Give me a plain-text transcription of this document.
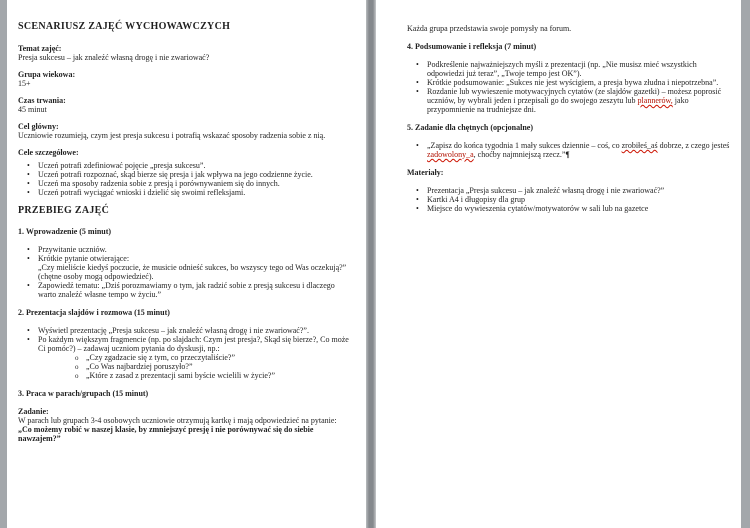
SCENARIUSZ ZAJĘĆ WYCHOWAWCZYCH
Temat zajęć:
Presja sukcesu – jak znaleźć własną drogę i nie zwariować?
Grupa wiekowa:
15+
Czas trwania:
45 minut
Cel główny:
Uczniowie rozumieją, czym jest presja sukcesu i potrafią wskazać sposoby radzenia sobie z nią.
Cele szczegółowe:
• Uczeń potrafi zdefiniować pojęcie „presja sukcesu”.
• Uczeń potrafi rozpoznać, skąd bierze się presja i jak wpływa na jego codzienne życie.
• Uczeń ma sposoby radzenia sobie z presją i porównywaniem się do innych.
• Uczeń potrafi wyciągać wnioski i dzielić się swoimi refleksjami.
PRZEBIEG ZAJĘĆ
1. Wprowadzenie (5 minut)
• Przywitanie uczniów.
• Krótkie pytanie otwierające:
„Czy mieliście kiedyś poczucie, że musicie odnieść sukces, bo wszyscy tego od Was oczekują?” (chętne osoby mogą odpowiedzieć).
• Zapowiedź tematu: „Dziś porozmawiamy o tym, jak radzić sobie z presją sukcesu i dlaczego warto znaleźć własne tempo w życiu.”
2. Prezentacja slajdów i rozmowa (15 minut)
• Wyświetl prezentację „Presja sukcesu – jak znaleźć własną drogę i nie zwariować?”.
• Po każdym większym fragmencie (np. po slajdach: Czym jest presja?, Skąd się bierze?, Co może Ci pomóc?) – zadawaj uczniom pytania do dyskusji, np.:
o „Czy zgadzacie się z tym, co przeczytaliście?”
o „Co Was najbardziej poruszyło?”
o „Które z zasad z prezentacji sami byście wcielili w życie?”
3. Praca w parach/grupach (15 minut)
Zadanie:
W parach lub grupach 3-4 osobowych uczniowie otrzymują kartkę i mają odpowiedzieć na pytanie:
„Co możemy robić w naszej klasie, by zmniejszyć presję i nie porównywać się do siebie nawzajem?”
Każda grupa przedstawia swoje pomysły na forum.
4. Podsumowanie i refleksja (7 minut)
• Podkreślenie najważniejszych myśli z prezentacji (np. „Nie musisz mieć wszystkich odpowiedzi już teraz”, „Twoje tempo jest OK”).
• Krótkie podsumowanie: „Sukces nie jest wyścigiem, a presja bywa złudna i niepotrzebna”.
• Rozdanie lub wywieszenie motywacyjnych cytatów (ze slajdów gazetki) – możesz poprosić uczniów, by wybrali jeden i przepisali go do swojego zeszytu lub plannerów, jako przypomnienie na trudniejsze dni.
5. Zadanie dla chętnych (opcjonalne)
• „Zapisz do końca tygodnia 1 mały sukces dziennie – coś, co zrobiłeś_aś dobrze, z czego jesteś zadowolony_a, choćby najmniejszą rzecz.”¶
Materiały:
• Prezentacja „Presja sukcesu – jak znaleźć własną drogę i nie zwariować?”
• Kartki A4 i długopisy dla grup
• Miejsce do wywieszenia cytatów/motywatorów w sali lub na gazetce
